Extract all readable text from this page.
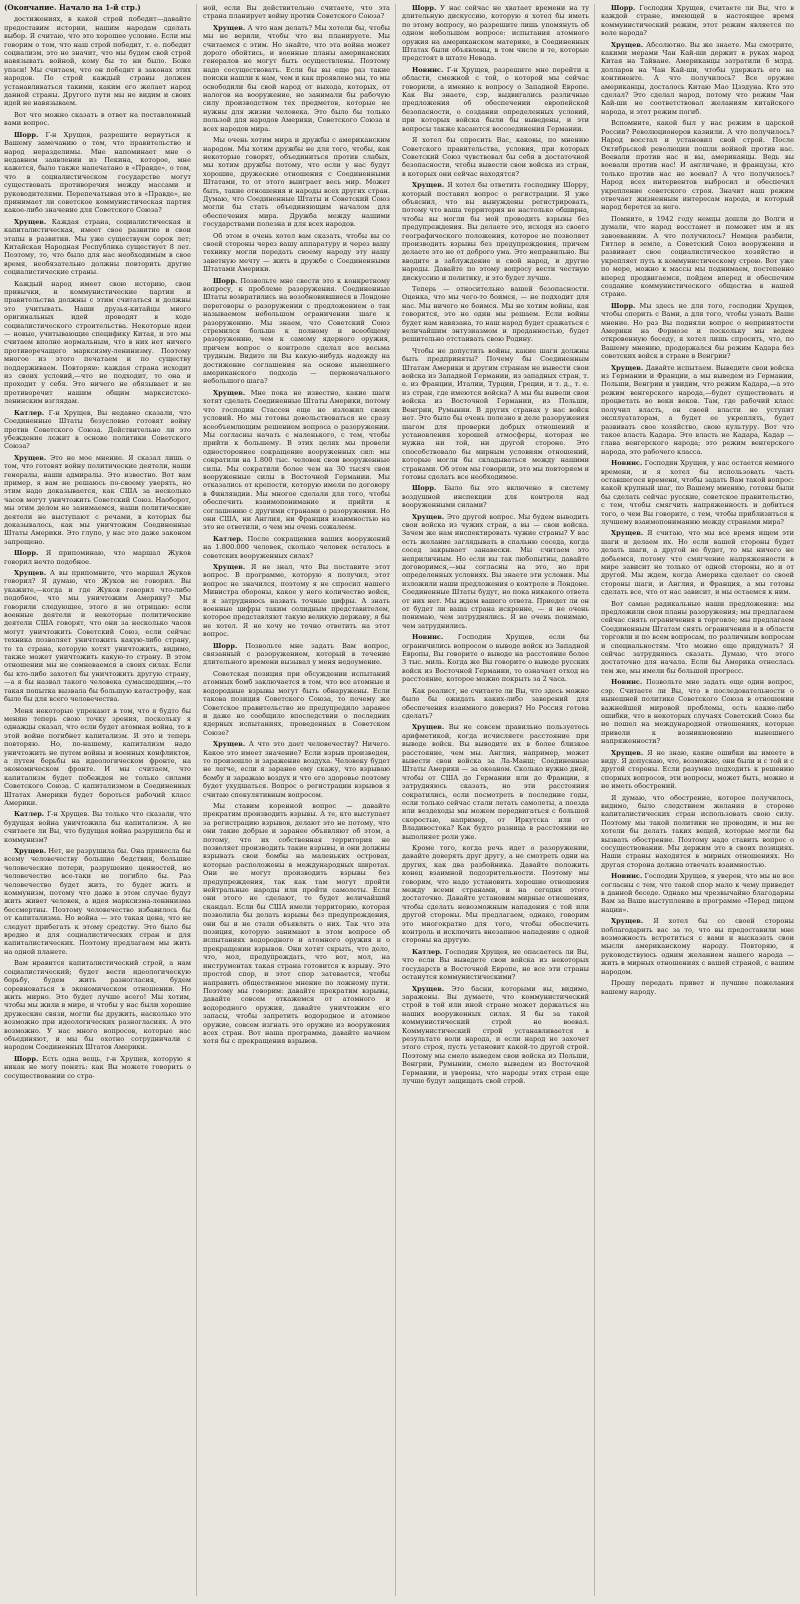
(Окончание. Начало на 1-й стр.)

достижениях, в какой строй победит—давайте предоставим истории, нашим народам сделать выбор. Я считаю, что это хорошее условие. Если мы говорим о том, что наш строй победит, т. е. победит социализм, это не значит, что мы будем свой строй навязывать войной, кому бы то ни было. Боже упаси! Мы считаем, что он победит в законах этих народов. По строй каждый страны должен устанавливаться такими, каким его желает народ данной страны. Другого пути мы не видим и своих идей не навязываем.

Вот что можно сказать в ответ на поставленный вами вопрос.

Шорр. Г-н Хрущев, разрешите вернуться к Вашему замечанию о том, что правительство и народ неразделимы. Мне напоминает мне о недавнем заявлении из Пекина, которое, мне кажется, было также напечатано в «Правде», о том, что в социалистическом государстве могут существовать противоречия между массами и руководителями. Перепечатывая это в «Правде», не принимает ли советское коммунистическая партия какое-либо значение для Советского Союза?

Хрущев. Каждая страна, социалистическая и капиталистическая, имеет свое развитие и свои этапы в развитии. Мы уже существуем сорок лет; Китайская Народная Республика существует 8 лет. Поэтому, то, что было для нас необходимым в свое время, необязательно должны повторить другие социалистические страны.

Каждый народ имеет свою историю, свои привычки, и коммунистические партии и правительства должны с этим считаться и должны это учитывать. Наши друзья-китайцы много оригинальных идей проводят в ходе социалистического строительства. Некоторые идеи — новые, учитывающие специфику Китая, и это мы считаем вполне нормальным, что в них нет ничего противоречащего марксизму-ленинизму. Поэтому многое из этого печатаем и по существу поддерживаем. Повторяю: каждая страна исходит из своих условий,—что не подходит, то она и проходит у себя. Это ничего не обязывает и не противоречит нашим общим марксистско-ленинским взглядам.

Катлер. Г-н Хрущев, Вы недавно сказали, что Соединенные Штаты безусловно готовят войну против Советского Союза. Действительно ли это убеждение лежит в основе политики Советского Союза?

Хрущев. Это не мое мнение. Я сказал лишь о том, что готовят войну политические деятели, наши генералы, наши адмиралы. Это известно. Вот вам пример, я вам не решаюсь по-своему уверять, но этим надо доказывается, как США за несколько часов могут уничтожить Советский Союз. Наоборот, мы этим делом не занимаемся, наши политические деятели не выступают с речами, в которых бы доказывалось, как мы уничтожим Соединенные Штаты Америки. Это глупо, у нас это даже законом запрещено.

Шорр. Я припоминаю, что маршал Жуков говорил нечто подобное.

Хрущев. А вы припомните, что маршал Жуков говорил? Я думаю, что Жуков не говорил. Вы укажите,—когда и где Жуков говорил что-либо подобное, что мы уничтожим Америку? Мы говорили следующее, этого я не отрицаю: если военные деятели и некоторые политические деятели США говорят, что они за несколько часов могут уничтожить Советский Союз, если сейчас техника позволяет уничтожить какую-либо страну, то та страна, которую хотят уничтожить, видимо, также может уничтожить какую-то страну. В этом отношении мы не сомневаемся в своих силах. Если бы кто-либо захотел бы уничтожить другую страну,—а я бы назвал такого человека сумасшедшим,—то такая попытка вызвала бы большую катастрофу, как было бы для всего человечества.

Меня некоторые упрекают в том, что я будто бы меняю теперь свою точку зрения, поскольку я однажды сказал, что если будет атомная война, то в этой войне погибнет капитализм. Я это и теперь повторяю. Но, по-нашему, капитализм надо уничтожить не путем войны и военных конфликтов, а путем борьбы на идеологическом фронте, на экономическом фронте. И мы считаем, что капитализм будет побежден не только силами Советского Союза. С капитализмом в Соединенных Штатах Америки будет бороться рабочий класс Америки.

Катлер. Г-н Хрущев. Вы только что сказали, что будущая война уничтожила бы капитализм. А не считаете ли Вы, что будущая война разрушила бы и коммунизм?

Хрущев. Нет, не разрушила бы. Она принесла бы всему человечеству большие бедствия, большие человеческие потери, разрушение ценностей, но человечество все-таки не погибло бы. Раз человечество будет жить, то будет жить и коммунизм, потому что даже в этом случае будут жить живет человек, а идея марксизма-ленинизма бессмертны. Поэтому человечество избавилось бы от капитализма. Но война — это такая цена, что не следует прибегать к этому средству. Это было бы вредно и для социалистических стран и для капиталистических. Поэтому предлагаем мы жить на одной планете.

Вам нравится капиталистический строй, а нам социалистический; будет вести идеологическую борьбу, будем жить разногласия, будем соревноваться в экономическом отношении. Но жить мирно. Это будет лучше всего! Мы хотим, чтобы мы жили в мире, и чтобы у нас были хорошие дружеские связи, могли бы дружить, насколько это возможно при идеологических разногласиях. А это возможно. У нас много вопросов, которые нас объединяют, и мы бы охотно сотрудничали с народом Соединенных Штатов Америки.

Шорр. Есть одна вещь, г-н Хрущев, которую я никак не могу понять: как Вы можете говорить о сосуществовании со стра-

ной, если Вы действительно считаете, что эта страна планирует войну против Советского Союза?

Хрущев. А что нам делать? Мы хотели бы, чтобы мы не верили, чтобы что вы планируете. Мы считаемся с этим. Но знайте, что эта война может дорого обойтись, и военные планы американских генералов не могут быть осуществлены. Поэтому надо сосуществовать. Если бы вы еще раз такие поиски нашли к нам, чем и как проявлено мы, то мы освободили бы свой народ от выхода, которых, от налогов на вооружение, не занимали бы рабочую силу производством тех предметов, которые не нужны для жизни человека. Это было бы только пользой для народов Америки, Советского Союза и всех народов мира.

Мы очень хотим мира и дружбы с американским народом. Мы хотим дружбы не для того, чтобы, как некоторые говорят, объединиться против слабых, мы хотим дружбы потому, что если у нас будут хорошие, дружеские отношения с Соединенными Штатами, то от этого выиграет весь мир. Может быть, такие отношения и народы всех других стран. Думаю, что Соединенные Штаты и Советский Союз могли бы стать объединяющим началом для обеспечения мира. Дружба между нашими государствами полезна и для всех народов.

Об этом я очень хотел вам сказать, чтобы вы со своей стороны через вашу аппаратуру и через вашу технику могли передать своему народу эту нашу заветную мечту — жить в дружбе с Соединенными Штатами Америки.

Шорр. Позвольте мне свести это к конкретному вопросу, к проблеме разоружения. Соединенные Штаты возвратились на возобновившиеся в Лондоне переговоры о разоружении с предложением о так называемом небольшом ограничении шаге к разоружению. Мы знаем, что Советский Союз стремился больше к полному и всеобщему разоружению, чем к самому ядерного оружия, причем вопрос о контроле сделал все весьма трудным. Видите ли Вы какую-нибудь надежду на достижение соглашения на основе нынешнего американского подхода — первоначального небольшого шага?

Хрущев. Мне пока не известно, какие шаги хотят сделать Соединенные Штаты Америки, потому что господин Стассен еще не изложил своих условий. Но мы готовы довольствоваться не сразу всеобъемлющим решением вопроса о разоружении. Мы согласны начать с маленького, с тем, чтобы прийти к большему. В этих целях мы провели одностороннее сокращение вооруженных сил: мы сократили на 1.800 тыс. человек свои вооруженные силы. Мы сократили более чем на 30 тысяч свои вооруженные силы в Восточной Германии. Мы отказались от крепости, которую имели по договору в Финляндии. Мы многое сделали для того, чтобы обеспечить взаимопонимание и прийти к соглашению с другими странами о разоружении. Но они США, ни Англия, ни Франция взаимностью на это не ответили, о чем мы очень сожалеем.

Катлер. После сокращения ваших вооружений на 1.800.000 человек, сколько человек осталось в советских вооруженных силах?

Хрущев. Я не знал, что Вы поставите этот вопрос. В программе, которую я получил, этот вопрос не значился, поэтому я не спросил нашего Министра обороны, какое у него количество войск, и я затрудняюсь назвать точные цифры. А знать военные цифры таким солидным представителем, которое представляют такую великую державу, я бы не хотел. Я не хочу не точно ответить на этот вопрос.

Шорр. Позвольте мне задать Вам вопрос, связанный с разоружением, который в течение длительного времени вызывал у меня недоумение.

Советская позиция при обсуждении испытаний атомных бомб заключается в том, что все атомные и водородные взрывы могут быть обнаружены. Если такова позиция Советского Союза, то почему же Советское правительство не предупредило заранее и даже не сообщило впоследствии о последних ядерных испытаниях, проведенных в Советском Союзе?

Хрущев. А что это дает человечеству? Ничего. Какое это имеет значение? Если взрыв произведен, то произошло и заражение воздуха. Человеку будет не легче, если я заранее ему скажу, что взрываю бомбу и заражаю воздух и что его здоровье поэтому будет ухудшаться. Вопрос о регистрации взрывов я считаю спекулятивным вопросом.

Мы ставим коренной вопрос — давайте прекратим производить взрывы. А те, кто выступает за регистрацию взрывов, делают это не потому, что они такие добрые и заранее объявляют об этом, а потому, что их собственная территория не позволяет производить такие взрывы, и они должны взрывать свои бомбы на маленьких островах, которые расположены в международных широтах. Они не могут производить взрывы без предупреждения, так как там могут пройти нейтральные народы или пройти самолеты. Если они этого не сделают, то будет величайший скандал. Если бы США имели территорию, которая позволила бы делать взрывы без предупреждения, они бы и не стали объявлять о них. Так что эта позиция, которую занимают в этом вопросе об испытаниях водородного и атомного оружия и о прекращении взрывов. Они хотят скрыть, что дело, что, мол, предупреждать, что вот, мол, на инструментах такая страна готовится к взрыву. Это простой спор, и этот спор затевается, чтобы направить общественное мнение по ложному пути. Поэтому мы говорим: давайте прекратим взрывы, давайте совсем откажемся от атомного и водородного оружия, давайте уничтожим его запасы, чтобы запретить водородное и атомное оружие, совсем изгнать это оружие из вооружения всех стран. Вот наша программа, давайте начнем хотя бы с прекращения взрывов.

Шорр. У нас сейчас не хватает времени на ту длительную дискуссию, которую я хотел бы иметь по этому вопросу, но разрешите лишь упомянуть об одном небольшом вопросе: испытания атомного оружия на американском материке, в Соединенных Штатах были объявлены, в том числе и те, которые предстоят в штате Невада.

Новинс. Г-н Хрущев, разрешите мне перейти к области, смежной с той, о которой мы сейчас говорили, а именно к вопросу о Западной Европе. Как Вы знаете, сэр, выдвигались различные предложения об обеспечении европейской безопасности, о создании определенных условий, при которых войска были бы выведены, и эти вопросы также касаются воссоединения Германии.

Я хотел бы спросить Вас, каковы, по мнению Советского правительства, условия, при которых Советский Союз чувствовал бы себя в достаточной безопасности, чтобы вывести свои войска из стран, в которых они сейчас находятся?

Хрущев. Я хотел бы ответить господину Шорру, который поставил вопрос о регистрации. Я уже объяснил, что вы вынуждены регистрировать, потому что ваша территория не настолько обширна, чтобы вы могли бы мой проводить взрывы без предупреждения. Вы делаете это, исходя из своего географического положения, которое не позволяет производить взрывы без предупреждения, причем делаете это не от доброго ума. Это неправильно. Вы вводите в заблуждение и свой народ, и другие народы. Давайте по этому вопросу вести честную дискуссию и политику, и это будет лучше.

Теперь — относительно вашей безопасности. Оценка, что мы чего-то боимся, — не подходит для нас. Мы ничего не боимся. Мы не хотим войны, как говорится, это не один мы решаем. Если войны будет нам навязана, то наш народ будет сражаться с величайшим энтузиазмом и преданностью, будет решительно отстаивать свою Родину.

Чтобы не допустить войны, какие шаги должны быть предприняты? Почему бы Соединенным Штатам Америки и другим странам не вывести свои войска из Западной Германии, из западных стран, т. е. из Франции, Италии, Турции, Греции, и т. д., т. е. из стран, где имеются войска? А мы бы вывели свои войска из Восточной Германии, из Польши, Венгрии, Румынии. В других странах у нас войск нет. Это было бы очень полезно в деле разоружения шагом для проверки добрых отношений и установления хорошей атмосферы, которая не нужна ни той, ни другой стороне. Это способствовало бы мирным условиям отношений, которые могли бы складываться между нашими странами. Об этом мы говорили, это мы повторяем и готовы сделать все необходимое.

Шорр. Было бы это включено в систему воздушной инспекции для контроля над вооруженными силами?

Хрущев. Это другой вопрос. Мы будем выводить свои войска из чужих стран, а вы — свои войска. Зачем же нам инспектировать чужие страны? У вас есть желание заглядывать в спальню соседа, когда сосед закрывает занавески. Мы считаем это неприличным. Но если вы так любопытны, давайте договоримся,—мы согласны на это, но при определенных условиях. Вы знаете эти условия. Мы изложили наши предложения о контроле в Лондоне. Соединенные Штаты будут, но пока никакого ответа от них нет. Мы ждем вашего ответа. Приедет ли он от будет ли ваша страна искренне, — я не очень понимаю, чем затруднялись. Я не очень понимаю, чем затруднились.

Новинс. Господин Хрущев, если бы ограничились вопросом о выводе войск из Западной Европы, Вы говорите о выводе на расстояние более 3 тыс. миль. Когда же Вы говорите о выводе русских войск из Восточной Германии, то означает отход на расстояние, которое можно покрыть за 2 часа.

Как реалист, не считаете ли Вы, что здесь можно было бы ожидать каких-либо заверений для обеспечения взаимного доверия? Но Россия готова сделать?

Хрущев. Вы не совсем правильно пользуетесь арифметикой, когда исчисляете расстояние при выводе войск. Вы выводите их в более близкое расстояние, чем мы. Англия, например, может вывести свои войска за Ла-Манш; Соединенные Штаты Америки — за океаном. Сколько нужно дней, чтобы от США до Германии или до Франции, я затрудняюсь сказать, но эти расстояния сократились, если посмотреть в последние годы, если только сейчас стали летать самолеты, а поезда или вездеходы мы можем передвигаться с большой скоростью, например, от Иркутска или от Владивостока? Как будто разница в расстоянии не выполняет роли уже.

Кроме того, когда речь идет о разоружении, давайте доверять друг другу, а не смотреть одни на других, как два разбойника. Давайте положить конец взаимной подозрительности. Поэтому мы говорим, что надо установить хорошие отношения между всеми странами, и на сегодня этого достаточно. Давайте установим мирные отношения, чтобы сделать невозможным нападения с той или другой стороны. Мы предлагаем, однако, говорим это многократно для того, чтобы обеспечить контроль и исключить внезапное нападение с одной стороны на другую.

Катлер. Господин Хрущев, не опасаетесь ли Вы, что если Вы выведете свои войска из некоторых государств в Восточной Европе, не все эти страны останутся коммунистическими?

Хрущев. Это басни, которыми вы, видимо, заражены. Вы думаете, что коммунистический строй в той или иной стране может держаться на наших вооруженных силах. Я бы за такой коммунистический строй не воевал. Коммунистический строй устанавливается в результате воли народа, и если народ не захочет этого строя, пусть установит какой-то другой строй. Поэтому мы смело выведем свои войска из Польши, Венгрии, Румынии, смело выведем из Восточной Германии, и уверены, что народы этих стран еще лучше будут защищать свой строй.

Шорр. Господин Хрущев, считаете ли Вы, что в каждой стране, имеющей в настоящее время коммунистический режим, этот режим является по воле народа?

Хрущев. Абсолютно. Вы же знаете. Мы смотрите, какими мерами Чан Кай-ши держит в руках народ Китая на Тайване. Американцы затратили 6 млрд. долларов на Чан Кай-ши, чтобы удержать его на континенте. А что получилось? Все оружие американцы, досталось Китаю Мао Цзэдуна. Кто это сделал? Это сделал народ, потому что режим Чан Кай-ши не соответствовал желаниям китайского народа, и этот режим погиб.

Вспомните, какой был у нас режим в царской России? Революционеров казнили. А что получилось? Народ восстал и установил свой строй. После Октябрьской революции пошли войной против нас. Воевали против нас и вы, американцы. Ведь вы воевали против нас! И англичане, и французы, кто только против нас не воевал? А что получилось? Народ всех интервентов выбросил и обеспечил укрепление советского строя. Значит наш режим отвечает жизненным интересам народа, и который народ берется за него.

Помните, в 1942 году немцы дошли до Волги и думали, что народ восстанет и поможет им и их завоеваниям. А что получилось? Немцев разбили, Гитлер в земле, а Советский Союз вооружения и развивает свое социалистическое хозяйство и укрепляет путь к коммунистическому строю. Вот уже по мере, можно к массы мы поднимаем, постепенно вперед продвигаемся, пойдем вперед и обеспечим создание коммунистического общества в нашей стране.

Шорр. Мы здесь не для того, господин Хрущев, чтобы спорить с Вами, а для того, чтобы узнать Ваше мнение. Но раз Вы подняли вопрос о непринятости Америки на Формозе и поскольку мы ведем откровенную беседу, я хотел лишь спросить, что, по Вашему мнению, продержался бы режим Кадара без советских войск в стране в Венгрии?

Хрущев. Давайте испытаем. Выведите свои войска из Германии и Франции, а мы выведем из Германии, Польши, Венгрии и увидим, что режим Кадара,—а это режим венгерского народа,—будет существовать и процветать во веки веков. Там, где рабочий класс получил власть, он своей власти не уступит эксплуататорам, а будет ее укреплять, будет развивать свое хозяйство, свою культуру. Вот что такое власть Кадара. Это власть не Кадара, Кадар — глава венгерского народа; это режим венгерского народа, это рабочего класса.

Новинс. Господин Хрущев, у нас остается немного времени, и я хотел бы использовать часть оставшегося времени, чтобы задать Вам такой вопрос: какой крупный шаг, по Вашему мнению, готовы были бы сделать сейчас русские, советское правительство, с тем, чтобы смягчить напряженность и добиться того, о чем Вы говорите, с тем, чтобы приблизиться к лучшему взаимопониманию между странами мира?

Хрущев. Я считаю, что мы все время ищем эти шаги и делаем их. Но если вашей стороны будет делать шаги, а другой не будет, то мы ничего не добьемся, потому что смягчение напряженности в мире зависит не только от одной стороны, но и от другой. Мы ждем, когда Америка сделает со своей стороны шаги, и Англия, и Франция, а мы готовы сделать все, что от нас зависит, и мы остаемся к ним.

Вот самые радикальные наши предложения: мы предложили свои планы разоружения; мы предлагаем сейчас снять ограничения в торговле; мы предлагаем Соединенным Штатам снять ограничения и в области торговли и по всем вопросам, по различным вопросам и специальностям. Что можно еще придумать? Я сейчас затрудняюсь сказать. Думаю, что этого достаточно для начала. Если бы Америка отнеслась тем же, мы имели бы большой прогресс.

Новинс. Позвольте мне задать еще один вопрос, сэр. Считаете ли Вы, что в последовательности о нынешней политике Советского Союза в отношении важнейшей мировой проблемы, есть какие-либо ошибки, что в некоторых случаях Советский Союз бы не пошел на международной отношениях, которые привели к возникновению нынешнего напряженности?

Хрущев. Я не знаю, какие ошибки вы имеете в виду. Я допускаю, что, возможно, они были и с той и с другой стороны. Если разумно подходить к решению спорных вопросов, эти вопросы, может быть, можно и не иметь обострений.

Я думаю, что обострение, которое получилось, видимо, было следствием желания в стороне капиталистических стран использовать свою силу. Поэтому мы такой политики не проводим, и мы не хотели бы делать таких вещей, которые могли бы вызвать обострение. Поэтому надо ставить вопрос о сосуществовании. Мы держим это в своих позициях. Наши страны находятся в мирных отношениях. Но другая сторона должна отвечать взаимностью.

Новинс. Господин Хрущев, я уверен, что мы не все согласны с тем, что такой спор мало к чему приведет в данной беседе. Однако мы чрезвычайно благодарны Вам за Ваше выступление в программе «Перед лицом нации».

Хрущев. Я хотел бы со своей стороны поблагодарить вас за то, что вы предоставили мне возможность встретиться с вами и высказать свои мысли американскому народу. Повторяю, я руководствуюсь одним желанием нашего народа — жить в мирных отношениях с вашей страной, с вашим народом.

Прошу передать привет и лучшие пожелания вашему народу.
